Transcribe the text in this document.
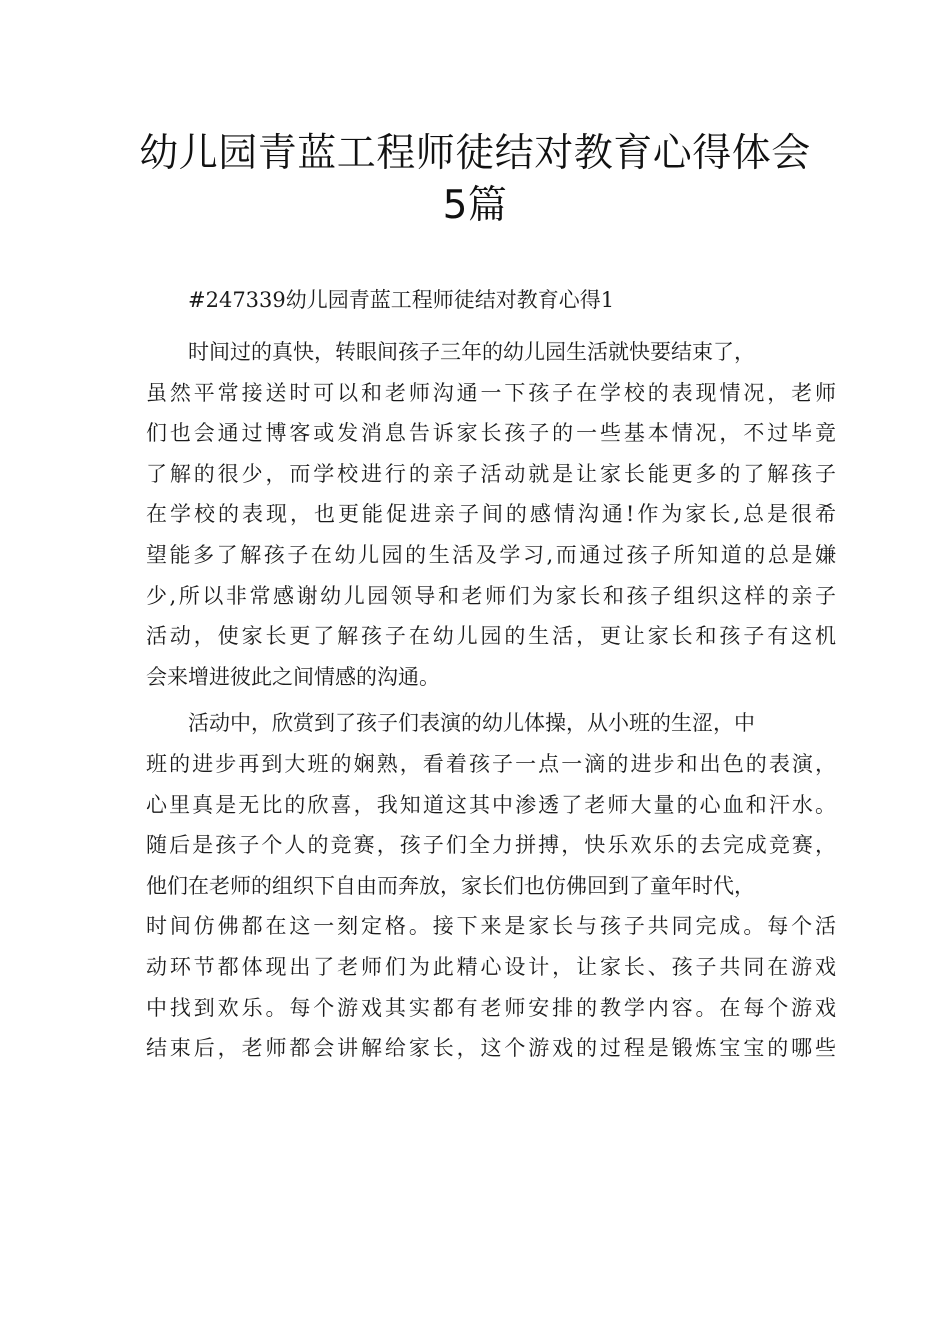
幼儿园青蓝工程师徒结对教育心得体会
5篇
#247339幼儿园青蓝工程师徒结对教育心得1
时间过的真快，转眼间孩子三年的幼儿园生活就快要结束了，
虽然平常接送时可以和老师沟通一下孩子在学校的表现情况，老师
们也会通过博客或发消息告诉家长孩子的一些基本情况，不过毕竟
了解的很少，而学校进行的亲子活动就是让家长能更多的了解孩子
在学校的表现，也更能促进亲子间的感情沟通!作为家长,总是很希
望能多了解孩子在幼儿园的生活及学习,而通过孩子所知道的总是嫌
少,所以非常感谢幼儿园领导和老师们为家长和孩子组织这样的亲子
活动，使家长更了解孩子在幼儿园的生活，更让家长和孩子有这机
会来增进彼此之间情感的沟通。
活动中，欣赏到了孩子们表演的幼儿体操，从小班的生涩，中
班的进步再到大班的娴熟，看着孩子一点一滴的进步和出色的表演，
心里真是无比的欣喜，我知道这其中渗透了老师大量的心血和汗水。
随后是孩子个人的竞赛，孩子们全力拼搏，快乐欢乐的去完成竞赛，
他们在老师的组织下自由而奔放，家长们也仿佛回到了童年时代，
时间仿佛都在这一刻定格。接下来是家长与孩子共同完成。每个活
动环节都体现出了老师们为此精心设计，让家长、孩子共同在游戏
中找到欢乐。每个游戏其实都有老师安排的教学内容。在每个游戏
结束后，老师都会讲解给家长，这个游戏的过程是锻炼宝宝的哪些
